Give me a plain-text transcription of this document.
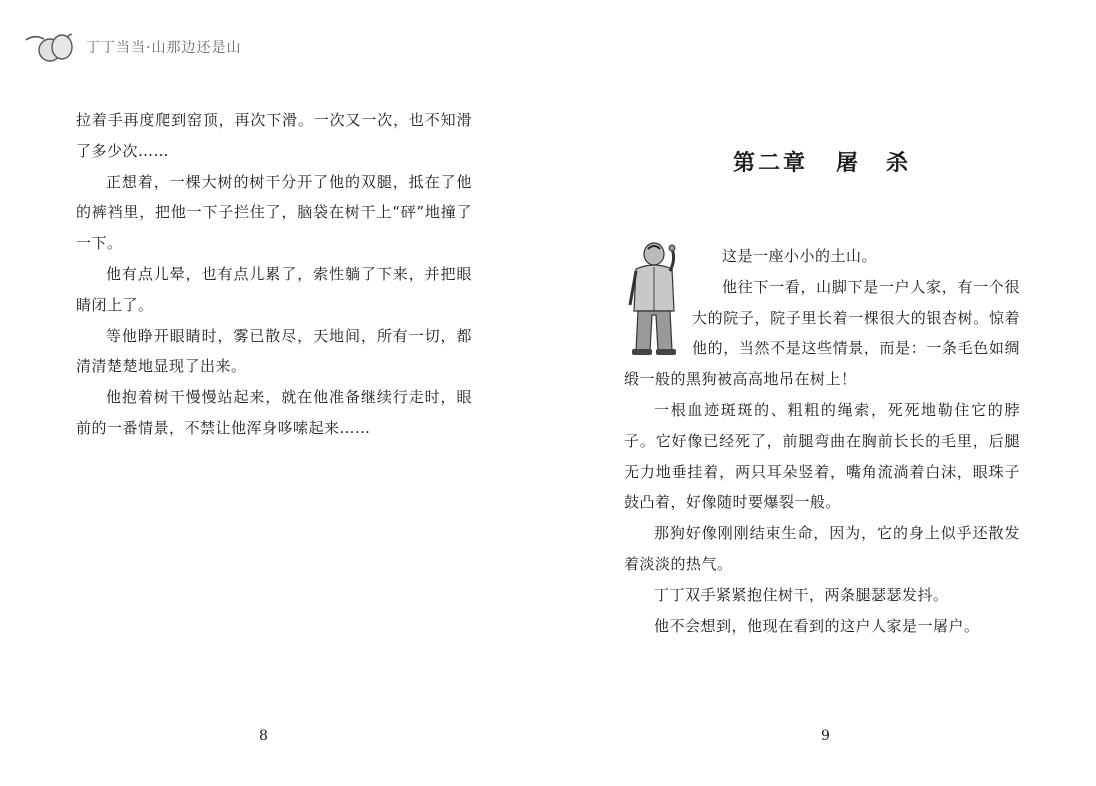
丁丁当当·山那边还是山

拉着手再度爬到窑顶，再次下滑。一次又一次，也不知滑了多少次……

正想着，一棵大树的树干分开了他的双腿，抵在了他的裤裆里，把他一下子拦住了，脑袋在树干上“砰”地撞了一下。

他有点儿晕，也有点儿累了，索性躺了下来，并把眼睛闭上了。

等他睁开眼睛时，雾已散尽，天地间，所有一切，都清清楚楚地显现了出来。

他抱着树干慢慢站起来，就在他准备继续行走时，眼前的一番情景，不禁让他浑身哆嗦起来……

8
第二章 屠　杀

这是一座小小的土山。

他往下一看，山脚下是一户人家，有一个很大的院子，院子里长着一棵很大的银杏树。惊着他的，当然不是这些情景，而是：一条毛色如绸缎一般的黑狗被高高地吊在树上！

一根血迹斑斑的、粗粗的绳索，死死地勒住它的脖子。它好像已经死了，前腿弯曲在胸前长长的毛里，后腿无力地垂挂着，两只耳朵竖着，嘴角流淌着白沫，眼珠子鼓凸着，好像随时要爆裂一般。

那狗好像刚刚结束生命，因为，它的身上似乎还散发着淡淡的热气。

丁丁双手紧紧抱住树干，两条腿瑟瑟发抖。

他不会想到，他现在看到的这户人家是一屠户。

9
